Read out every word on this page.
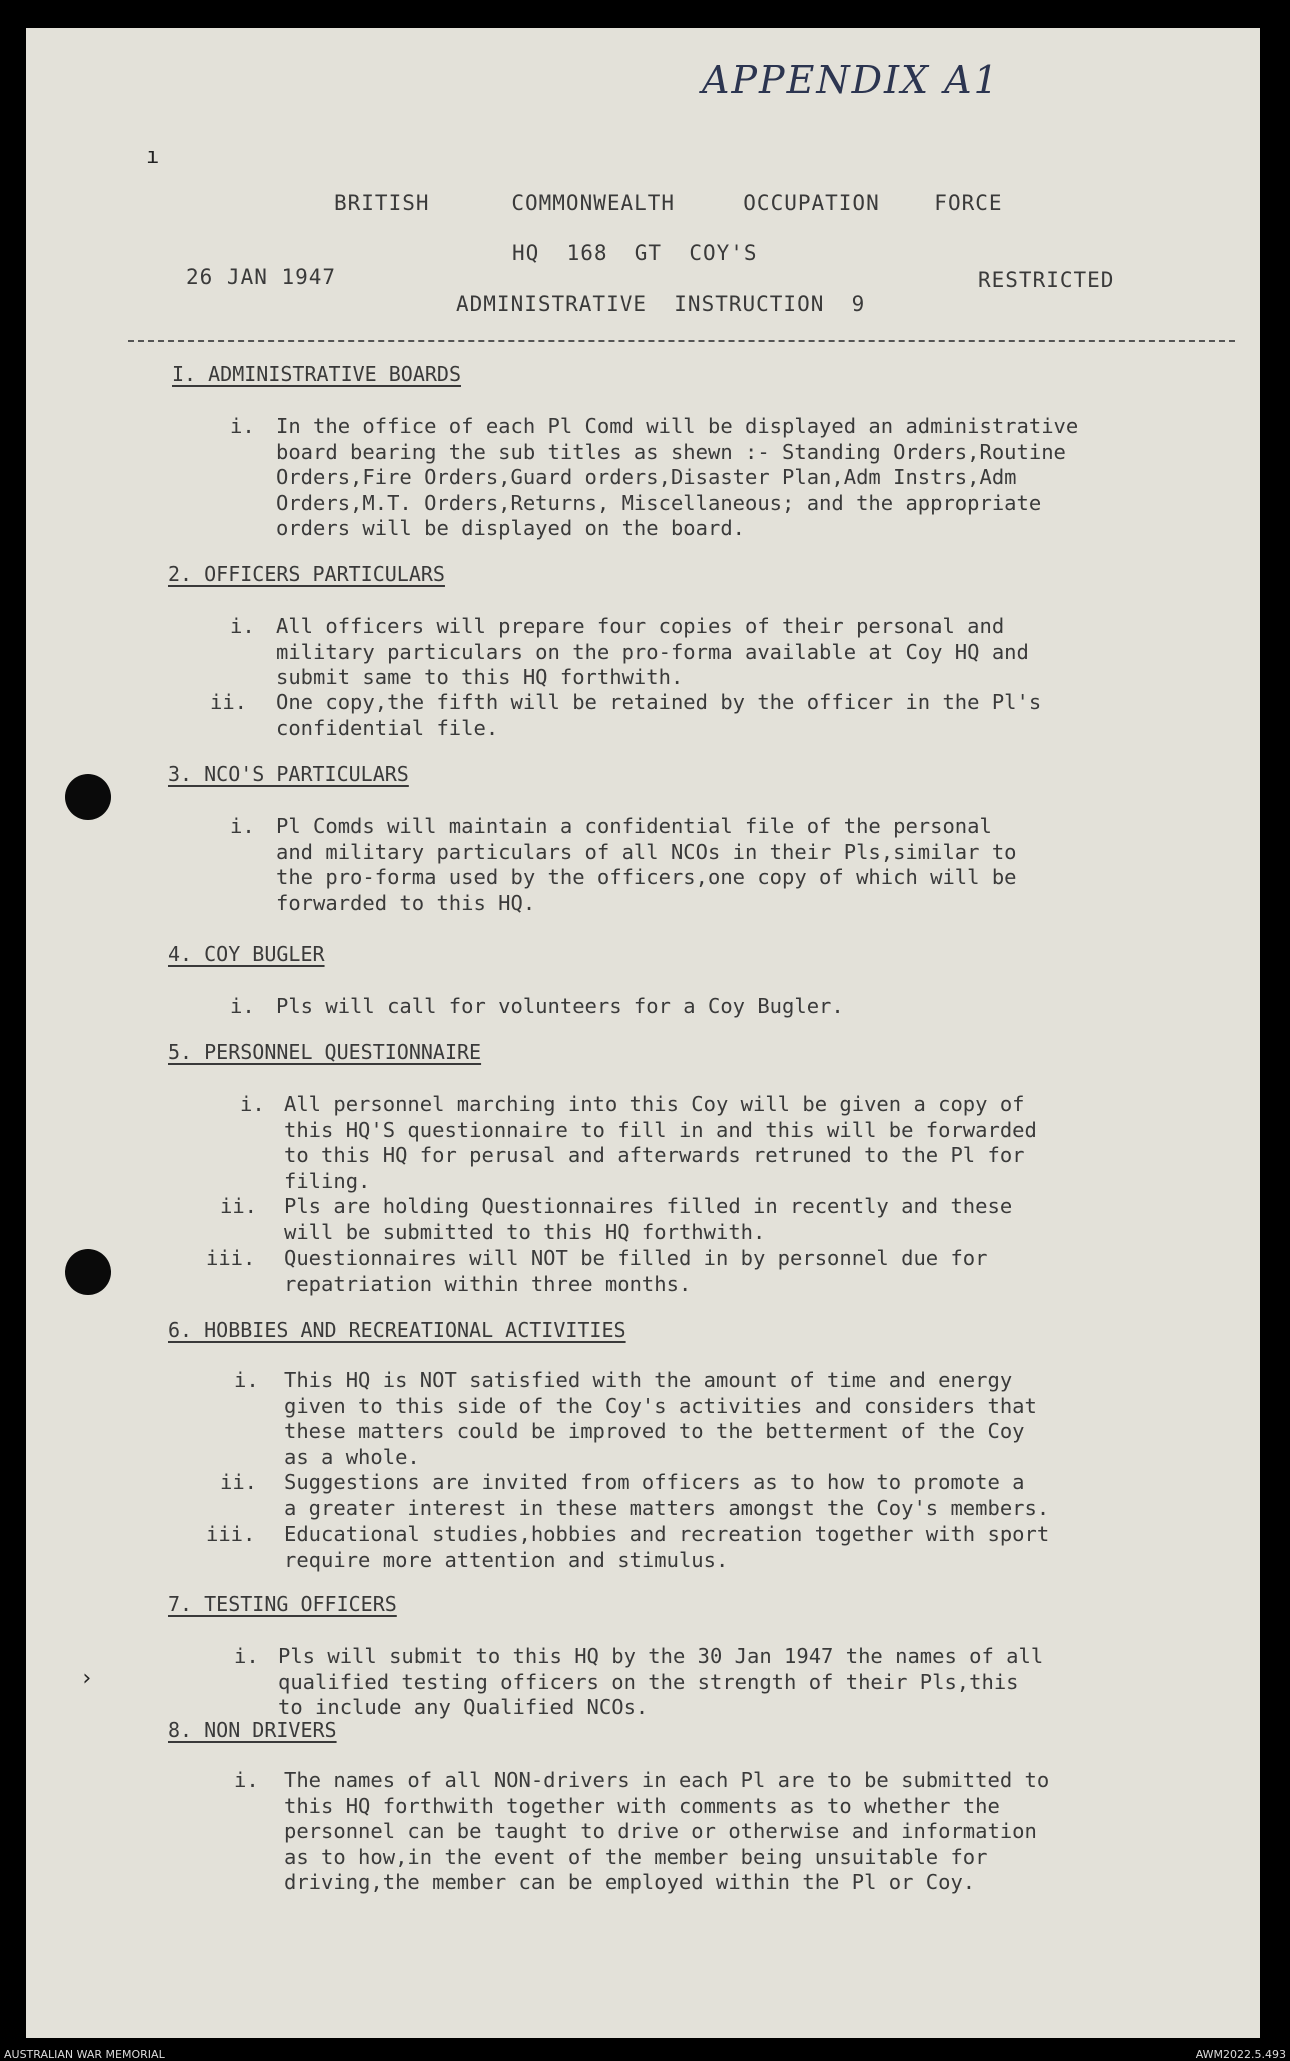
APPENDIX A1
ı
BRITISH      COMMONWEALTH     OCCUPATION    FORCE
HQ  168  GT  COY'S
26 JAN 1947	RESTRICTED
ADMINISTRATIVE  INSTRUCTION  9
I. ADMINISTRATIVE BOARDS
i. In the office of each Pl Comd will be displayed an administrative
board bearing the sub titles as shewn :- Standing Orders,Routine
Orders,Fire Orders,Guard orders,Disaster Plan,Adm Instrs,Adm
Orders,M.T. Orders,Returns, Miscellaneous; and the appropriate
orders will be displayed on the board.
2. OFFICERS PARTICULARS
i. All officers will prepare four copies of their personal and
military particulars on the pro-forma available at Coy HQ and
submit same to this HQ forthwith.
ii. One copy,the fifth will be retained by the officer in the Pl's
confidential file.
3. NCO'S PARTICULARS
i. Pl Comds will maintain a confidential file of the personal
and military particulars of all NCOs in their Pls,similar to
the pro-forma used by the officers,one copy of which will be
forwarded to this HQ.
4. COY BUGLER
i. Pls will call for volunteers for a Coy Bugler.
5. PERSONNEL QUESTIONNAIRE
i. All personnel marching into this Coy will be given a copy of
this HQ'S questionnaire to fill in and this will be forwarded
to this HQ for perusal and afterwards retruned to the Pl for
filing.
ii. Pls are holding Questionnaires filled in recently and these
will be submitted to this HQ forthwith.
iii. Questionnaires will NOT be filled in by personnel due for
repatriation within three months.
6. HOBBIES AND RECREATIONAL ACTIVITIES
i. This HQ is NOT satisfied with the amount of time and energy
given to this side of the Coy's activities and considers that
these matters could be improved to the betterment of the Coy
as a whole.
ii. Suggestions are invited from officers as to how to promote a
a greater interest in these matters amongst the Coy's members.
iii. Educational studies,hobbies and recreation together with sport
require more attention and stimulus.
7. TESTING OFFICERS
i. Pls will submit to this HQ by the 30 Jan 1947 the names of all
qualified testing officers on the strength of their Pls,this
to include any Qualified NCOs.
8. NON DRIVERS
i. The names of all NON-drivers in each Pl are to be submitted to
this HQ forthwith together with comments as to whether the
personnel can be taught to drive or otherwise and information
as to how,in the event of the member being unsuitable for
driving,the member can be employed within the Pl or Coy.
›
AUSTRALIAN WAR MEMORIAL	AWM2022.5.493
